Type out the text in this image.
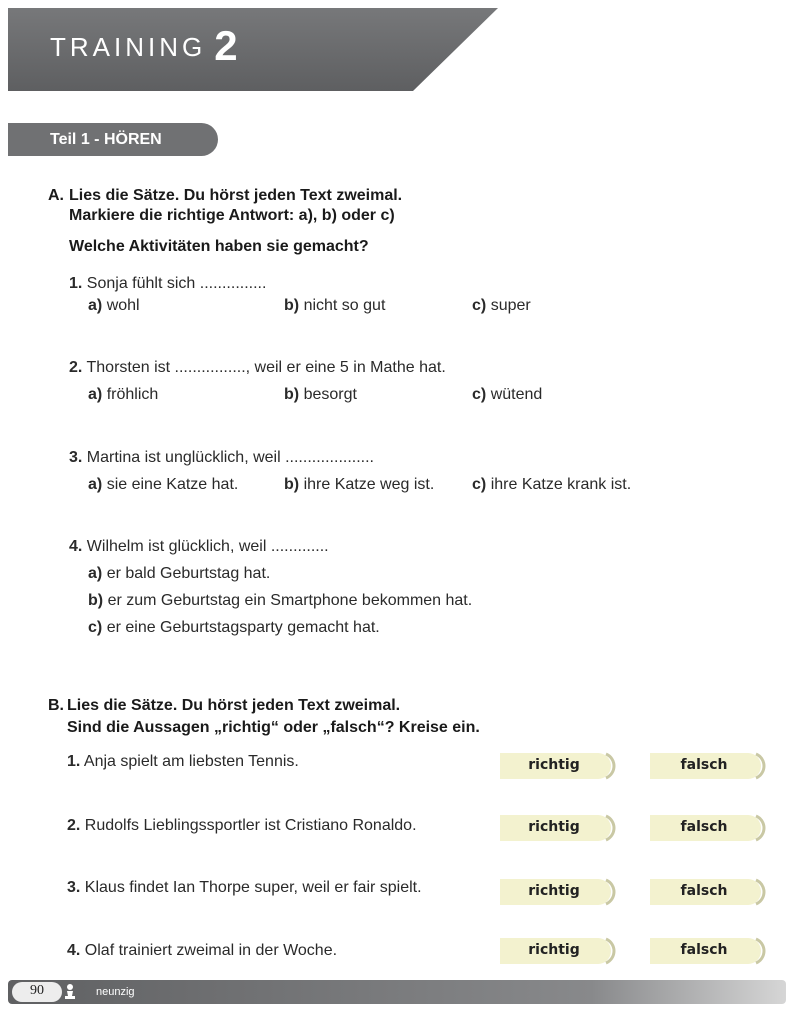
TRAINING 2
Teil 1 - HÖREN
A. Lies die Sätze. Du hörst jeden Text zweimal.
Markiere die richtige Antwort: a), b) oder c)
Welche Aktivitäten haben sie gemacht?
1. Sonja fühlt sich ...............
a) wohl	b) nicht so gut	c) super
2. Thorsten ist ................, weil er eine 5 in Mathe hat.
a) fröhlich	b) besorgt	c) wütend
3. Martina ist unglücklich, weil ....................
a) sie eine Katze hat.	b) ihre Katze weg ist. c) ihre Katze krank ist.
4. Wilhelm ist glücklich, weil .............
a) er bald Geburtstag hat.
b) er zum Geburtstag ein Smartphone bekommen hat.
c) er eine Geburtstagsparty gemacht hat.
B. Lies die Sätze. Du hörst jeden Text zweimal.
Sind die Aussagen „richtig“ oder „falsch“? Kreise ein.
1. Anja spielt am liebsten Tennis.
2. Rudolfs Lieblingssportler ist Cristiano Ronaldo.
3. Klaus findet Ian Thorpe super, weil er fair spielt.
4. Olaf trainiert zweimal in der Woche.
richtig	falsch
richtig	falsch
richtig	falsch
richtig	falsch
90	neunzig
